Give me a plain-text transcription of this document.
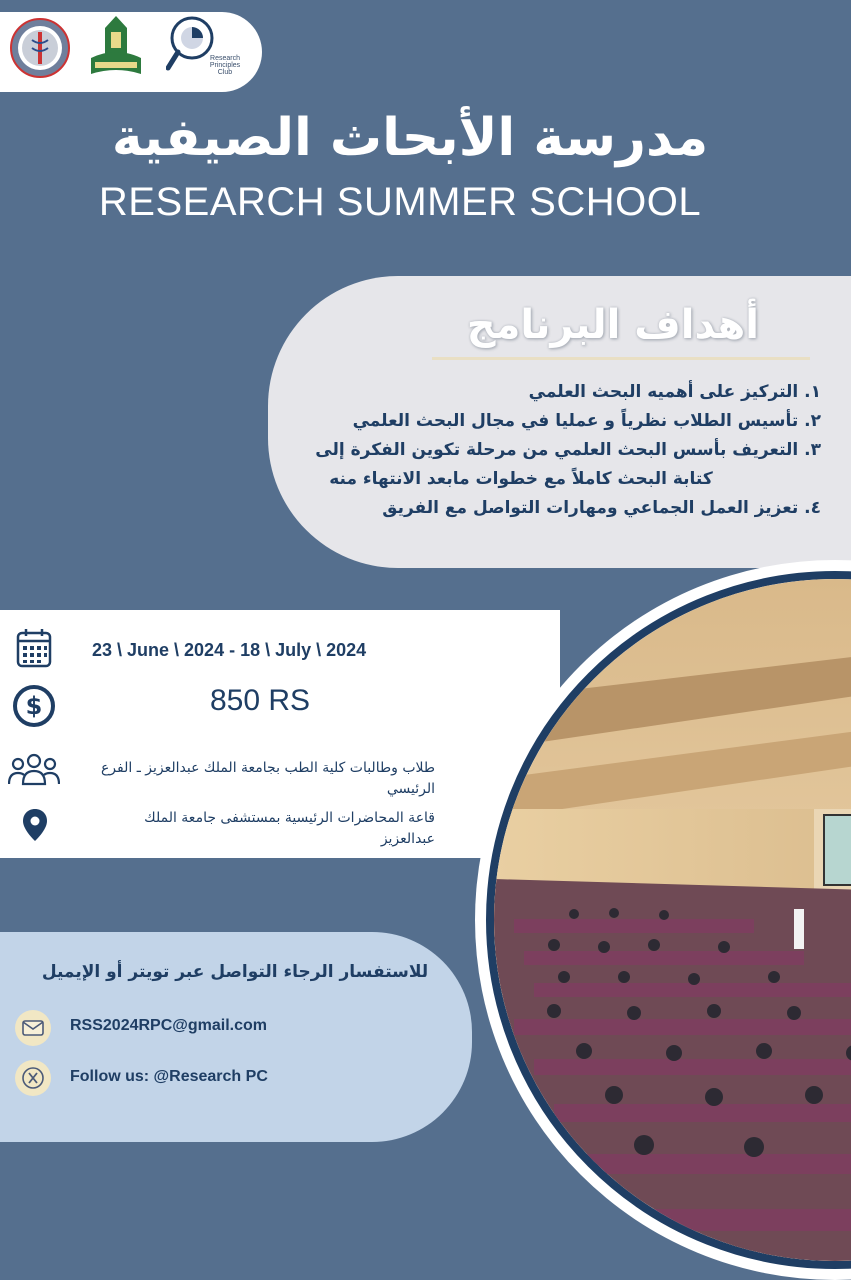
Research Principles Club
مدرسة الأبحاث الصيفية
RESEARCH SUMMER SCHOOL
أهداف البرنامج
١. التركيز على أهميه البحث العلمي
٢. تأسيس الطلاب نظرياً و عمليا في مجال البحث العلمي
٣. التعريف بأسس البحث العلمي من مرحلة تكوين الفكرة إلى
كتابة البحث كاملاً مع خطوات مابعد الانتهاء منه
٤. تعزيز العمل الجماعي ومهارات التواصل مع الفريق
23 \ June \ 2024 - 18 \ July \ 2024
$	850 RS
طلاب وطالبات كلية الطب بجامعة الملك عبدالعزيز ـ الفرع الرئيسي
قاعة المحاضرات الرئيسية بمستشفى جامعة الملك عبدالعزيز
للاستفسار الرجاء التواصل عبر تويتر أو الإيميل
RSS2024RPC@gmail.com
Follow us: @Research PC
